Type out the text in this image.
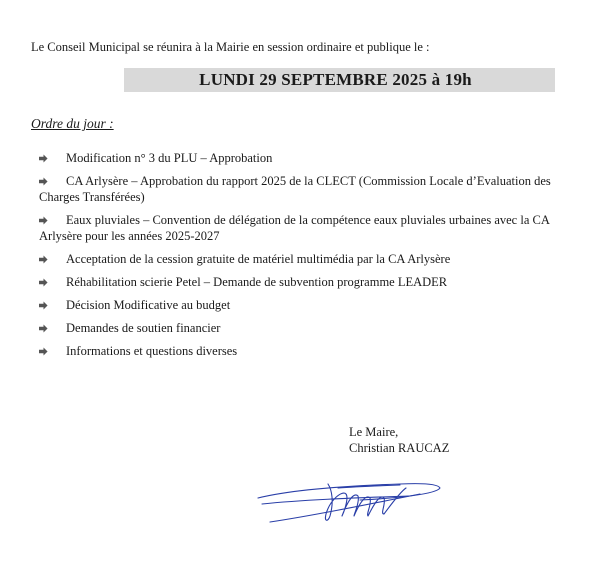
Le Conseil Municipal se réunira à la Mairie en session ordinaire et publique le :
LUNDI 29 SEPTEMBRE 2025 à 19h
Ordre du jour :
Modification n° 3 du PLU – Approbation
CA Arlysère – Approbation du rapport 2025 de la CLECT (Commission Locale d’Evaluation des Charges Transférées)
Eaux pluviales – Convention de délégation de la compétence eaux pluviales urbaines avec la CA Arlysère pour les années 2025-2027
Acceptation de la cession gratuite de matériel multimédia par la CA Arlysère
Réhabilitation scierie Petel – Demande de subvention programme LEADER
Décision Modificative au budget
Demandes de soutien financier
Informations et questions diverses
Le Maire,
Christian RAUCAZ
